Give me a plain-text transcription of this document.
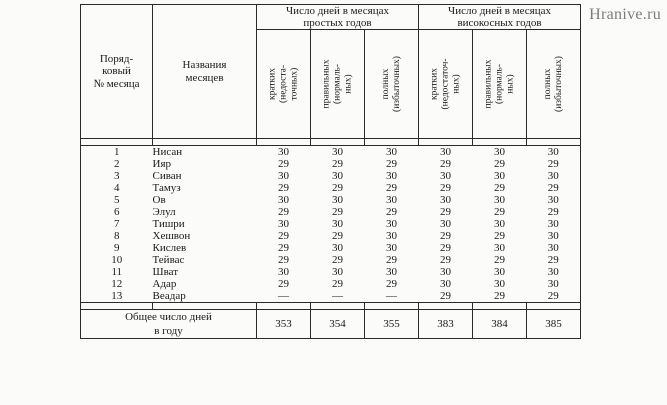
Hranive.ru
Поряд-
ковый
№ месяца

Названия
месяцев

Число дней в месяцах
простых годов

Число дней в месяцах
високосных годов

		кратких (недоста- точных)	правильных (нормаль- ных)	полных (избыточных)	кратких (недостаточ- ных)	правильных (нормаль- ных)	полных (избыточных)

1	Нисан	30	30	30	30	30	30
2	Ияр	29	29	29	29	29	29
3	Сиван	30	30	30	30	30	30
4	Тамуз	29	29	29	29	29	29
5	Ов	30	30	30	30	30	30
6	Элул	29	29	29	29	29	29
7	Тишри	30	30	30	30	30	30
8	Хешвон	29	29	30	29	29	30
9	Кислев	29	30	30	29	30	30
10	Тейвас	29	29	29	29	29	29
11	Шват	30	30	30	30	30	30
12	Адар	29	29	29	30	30	30
13	Веадар	—	—	—	29	29	29

Общее число дней
в году		353	354	355	383	384	385
